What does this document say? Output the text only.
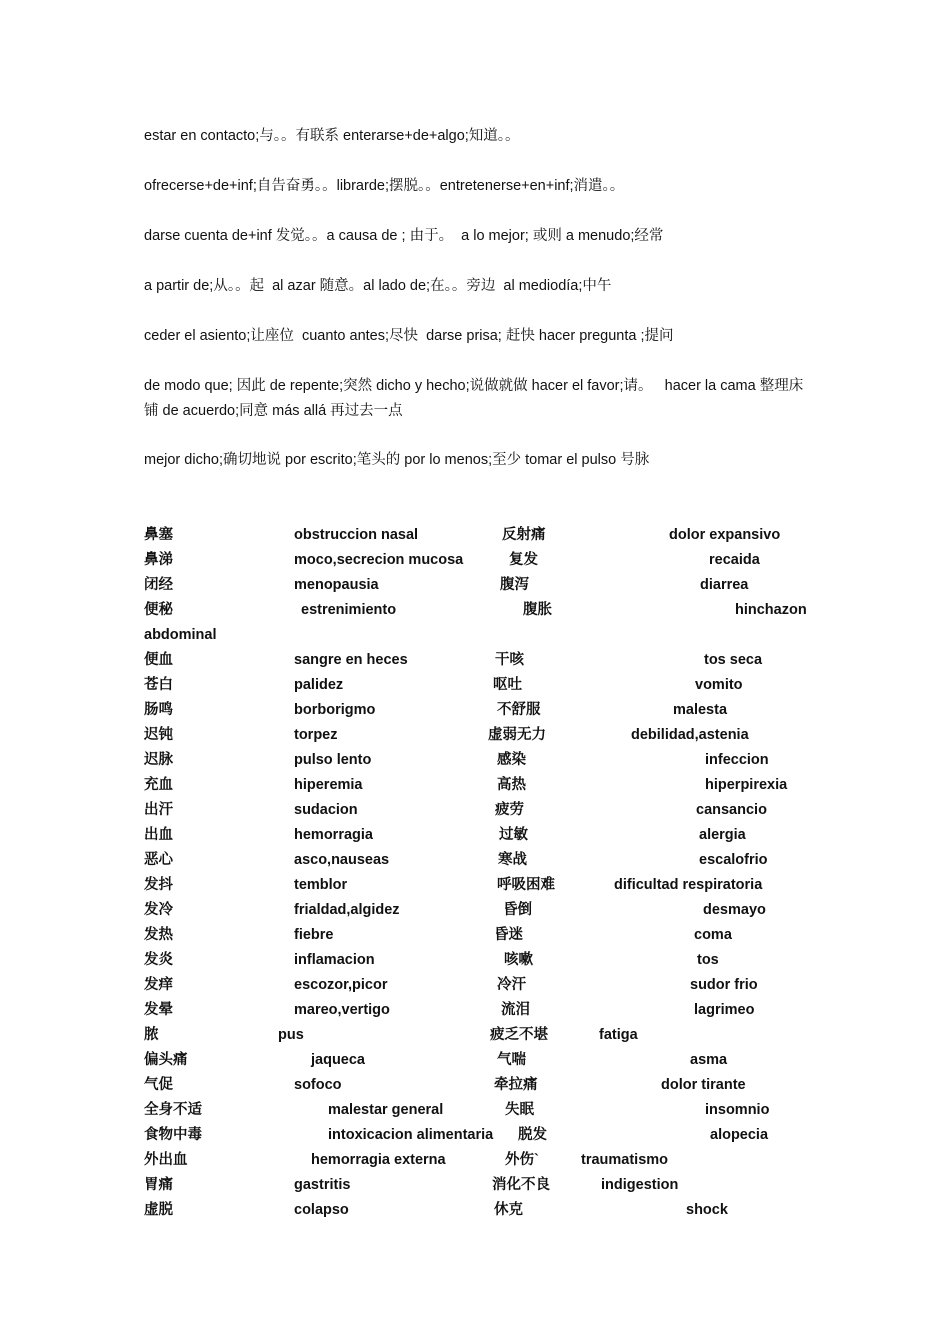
estar en contacto;与。。有联系 enterarse+de+algo;知道。。
ofrecerse+de+inf;自告奋勇。。librarde;摆脱。。entretenerse+en+inf;消遣。。
darse cuenta de+inf 发觉。。a causa de ; 由于。  a lo mejor; 或则 a menudo;经常
a partir de;从。。起  al azar 随意。al lado de;在。。旁边  al mediodía;中午
ceder el asiento;让座位  cuanto antes;尽快  darse prisa; 赶快 hacer pregunta ;提问
de modo que; 因此 de repente;突然 dicho y hecho;说做就做 hacer el favor;请。   hacer la cama 整理床铺 de acuerdo;同意 más allá 再过去一点
mejor dicho;确切地说 por escrito;笔头的 por lo menos;至少 tomar el pulso 号脉
鼻塞	obstruccion nasal	反射痛	dolor expansivo
鼻涕	moco,secrecion mucosa	复发	recaida
闭经	menopausia	腹泻	diarrea
便秘	estrenimiento	腹胀	hinchazon
abdominal
便血	sangre en heces	干咳	tos seca
苍白	palidez	呕吐	vomito
肠鸣	borborigmo	不舒服	malesta
迟钝	torpez	虚弱无力	debilidad,astenia
迟脉	pulso lento	感染	infeccion
充血	hiperemia	高热	hiperpirexia
出汗	sudacion	疲劳	cansancio
出血	hemorragia	过敏	alergia
恶心	asco,nauseas	寒战	escalofrio
发抖	temblor	呼吸困难	dificultad respiratoria
发冷	frialdad,algidez	昏倒	desmayo
发热	fiebre	昏迷	coma
发炎	inflamacion	咳嗽	tos
发痒	escozor,picor	冷汗	sudor frio
发晕	mareo,vertigo	流泪	lagrimeo
脓	pus	疲乏不堪	fatiga
偏头痛	jaqueca	气喘	asma
气促	sofoco	牵拉痛	dolor tirante
全身不适	malestar general	失眠	insomnio
食物中毒	intoxicacion alimentaria 脱发	alopecia
外出血	hemorragia externa	外伤`	traumatismo
胃痛	gastritis	消化不良	indigestion
虚脱	colapso	休克	shock
